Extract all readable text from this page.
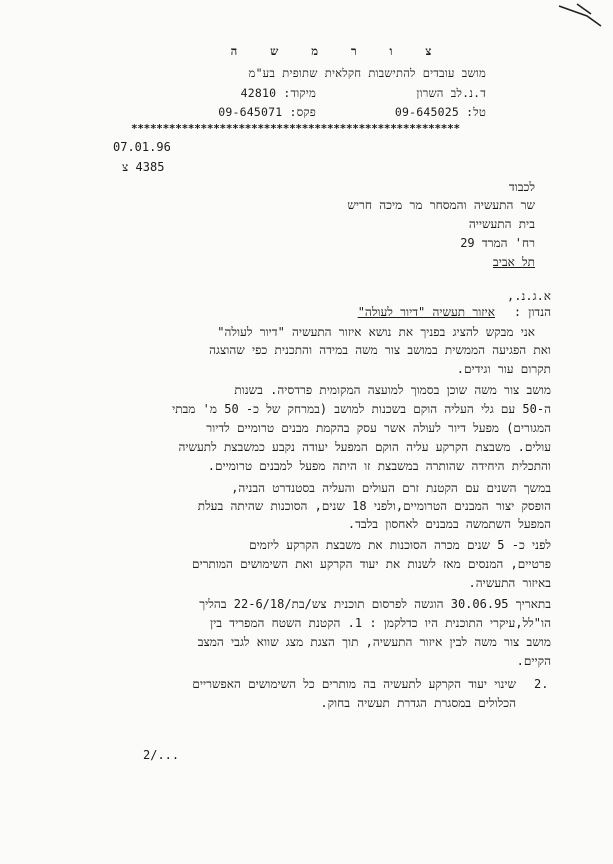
צ ו ר מ ש ה
מושב עובדים להתישבות חקלאית שתופית בע"מ
ד.נ.לב השרון
מיקוד: 42810
טל: 09-645025
פקס: 09-645071
****************************************************
07.01.96
4385 צ
לכבוד
שר התעשיה והמסחר מר מיכה חריש
בית התעשייה
רח' המרד 29
תל אביב
א.ג.נ.,
הנדון :
איזור תעשיה "דיור לעולה"
אני מבקש להציג בפניך את נושא איזור התעשיה "דיור לעולה"
ואת הפגיעה הממשית במושב צור משה במידה והתכנית כפי שהוצגה
תקרום עור וגידים.
מושב צור משה שוכן בסמוך למועצה המקומית פרדסיה. בשנות
ה-50 עם גלי העליה הוקם בשכנות למושב (במרחק של כ- 50 מ' מבתי
המגורים) מפעל דיור לעולה אשר עסק בהקמת מבנים טרומיים לדיור
עולים. משבצת הקרקע עליה הוקם המפעל יעודה נקבע כמשבצת לתעשיה
והתכלית היחידה שהותרה במשבצת זו היתה מפעל למבנים טרומיים.
במשך השנים עם הקטנת זרם העולים והעליה בסטנדרט הבניה,
הופסק יצור המבנים הטרומיים,ולפני 18 שנים, הסוכנות שהיתה בעלת
המפעל השתמשה במבנים לאחסון בלבד.
לפני כ- 5 שנים מכרה הסוכנות את משבצת הקרקע ליזמים
פרטיים, המנסים מאז לשנות את יעוד הקרקע ואת השימושים המותרים
באיזור התעשיה.
בתאריך 30.06.95 הוגשה לפרסום תוכנית צש/בת/22-6/18 בהליך
הו"לל,עיקרי התוכנית היו כדלקמן : 1. הקטנת השטח המפריד בין
מושב צור משה לבין איזור התעשיה, תוך הצגת מצג שווא לגבי המצב
הקיים.
2.
שינוי יעוד הקרקע לתעשיה בה מותרים כל השימושים האפשריים
הכלולים במסגרת הגדרת תעשיה בחוק.
2/...
